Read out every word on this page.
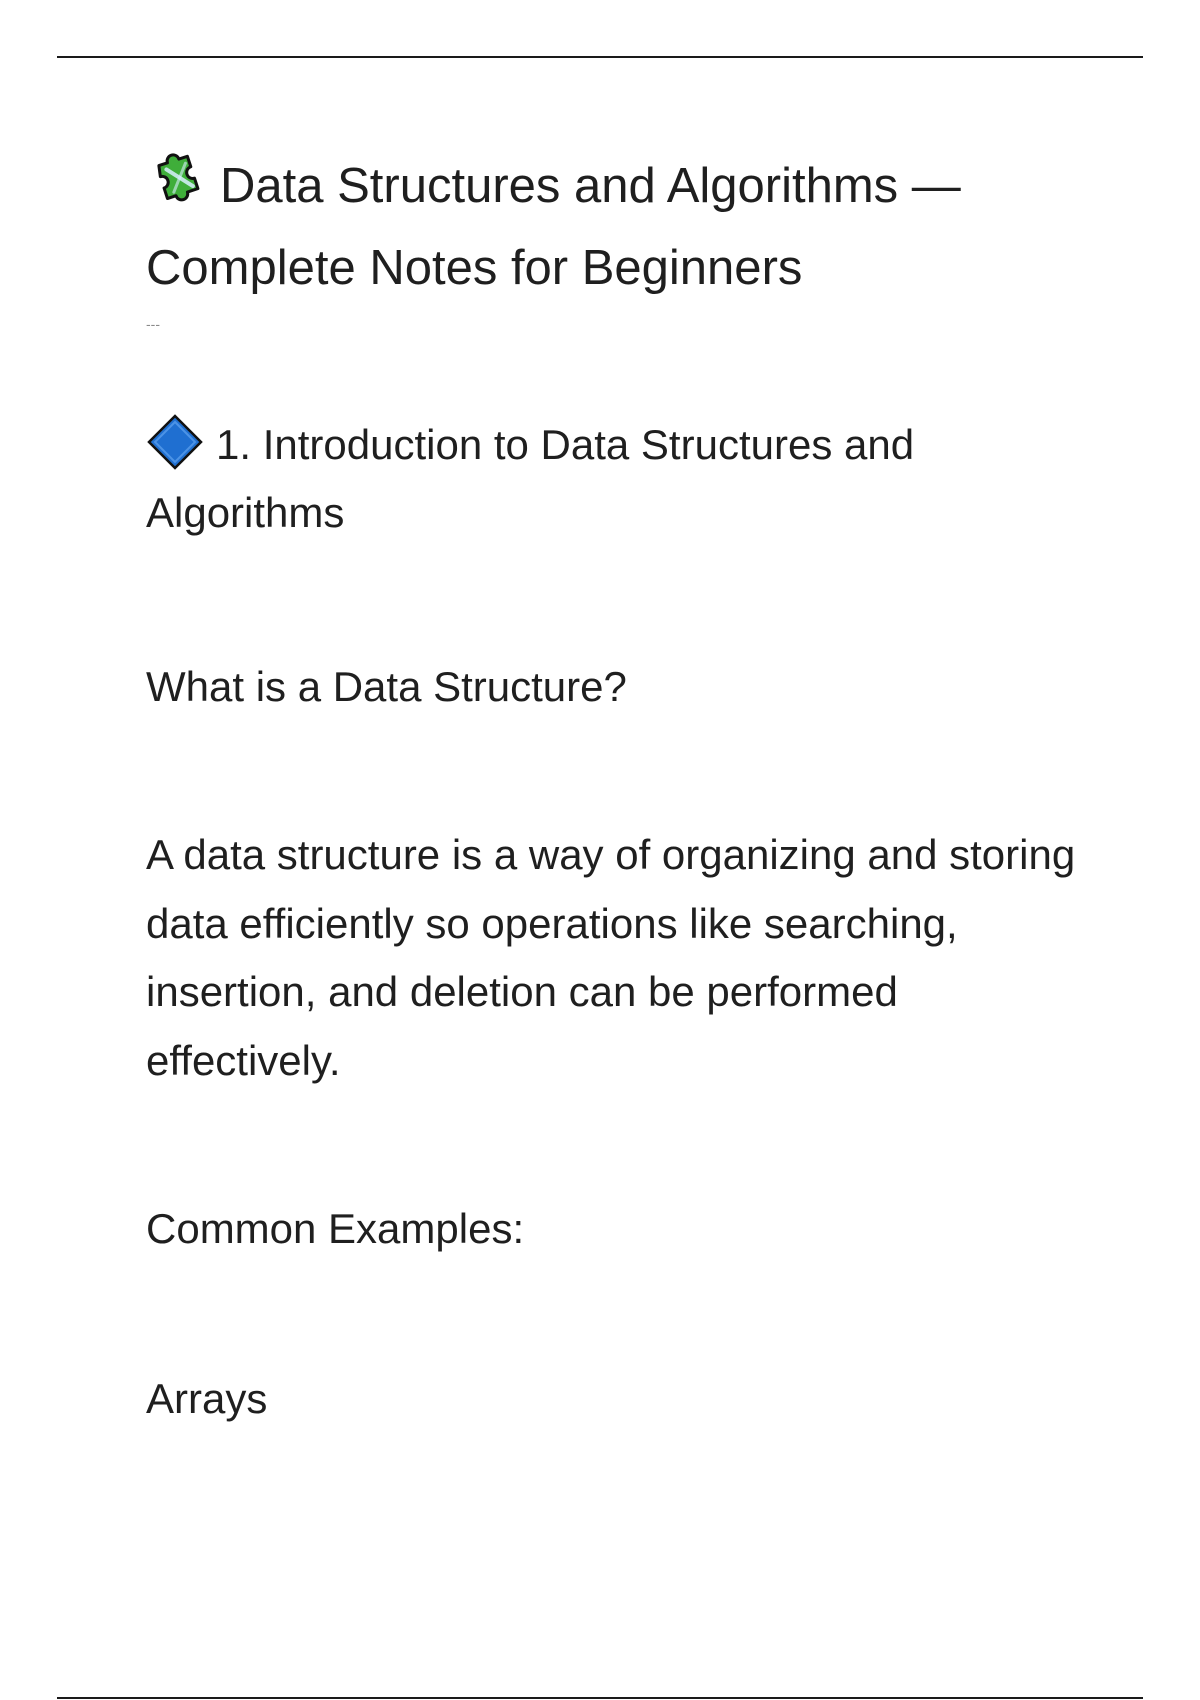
Data Structures and Algorithms — Complete Notes for Beginners

---

1. Introduction to Data Structures and Algorithms

What is a Data Structure?

A data structure is a way of organizing and storing data efficiently so operations like searching, insertion, and deletion can be performed effectively.

Common Examples:

Arrays
